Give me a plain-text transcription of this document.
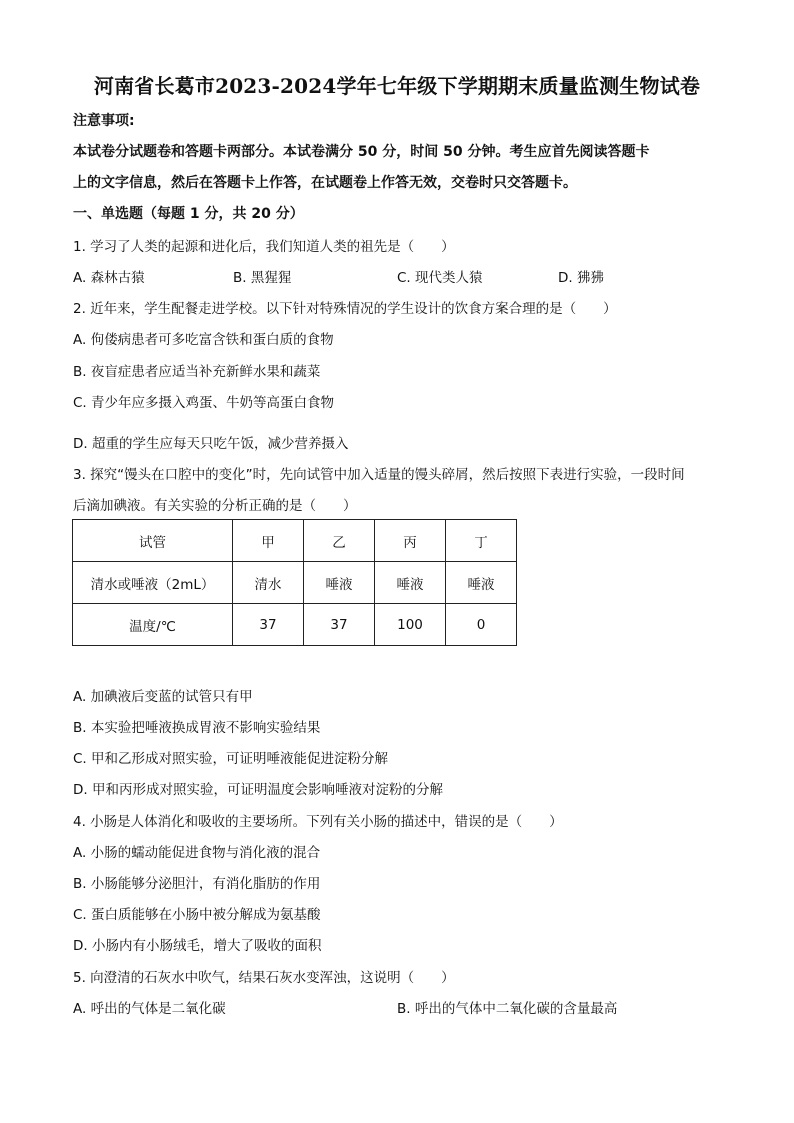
河南省长葛市2023-2024学年七年级下学期期末质量监测生物试卷
注意事项:
本试卷分试题卷和答题卡两部分。本试卷满分 50 分，时间 50 分钟。考生应首先阅读答题卡
上的文字信息，然后在答题卡上作答，在试题卷上作答无效，交卷时只交答题卡。
一、单选题（每题 1 分，共 20 分）
1. 学习了人类的起源和进化后，我们知道人类的祖先是（　　）
A. 森林古猿	B. 黑猩猩	C. 现代类人猿	D. 狒狒
2. 近年来，学生配餐走进学校。以下针对特殊情况的学生设计的饮食方案合理的是（　　）
A. 佝偻病患者可多吃富含铁和蛋白质的食物
B. 夜盲症患者应适当补充新鲜水果和蔬菜
C. 青少年应多摄入鸡蛋、牛奶等高蛋白食物
D. 超重的学生应每天只吃午饭，减少营养摄入
3. 探究“馒头在口腔中的变化”时，先向试管中加入适量的馒头碎屑，然后按照下表进行实验，一段时间
后滴加碘液。有关实验的分析正确的是（　　）
试管	甲	乙	丙	丁
清水或唾液（2mL）	清水	唾液	唾液	唾液
温度/℃	37	37	100	0
A. 加碘液后变蓝的试管只有甲
B. 本实验把唾液换成胃液不影响实验结果
C. 甲和乙形成对照实验，可证明唾液能促进淀粉分解
D. 甲和丙形成对照实验，可证明温度会影响唾液对淀粉的分解
4. 小肠是人体消化和吸收的主要场所。下列有关小肠的描述中，错误的是（　　）
A. 小肠的蠕动能促进食物与消化液的混合
B. 小肠能够分泌胆汁，有消化脂肪的作用
C. 蛋白质能够在小肠中被分解成为氨基酸
D. 小肠内有小肠绒毛，增大了吸收的面积
5. 向澄清的石灰水中吹气，结果石灰水变浑浊，这说明（　　）
A. 呼出的气体是二氧化碳	B. 呼出的气体中二氧化碳的含量最高
